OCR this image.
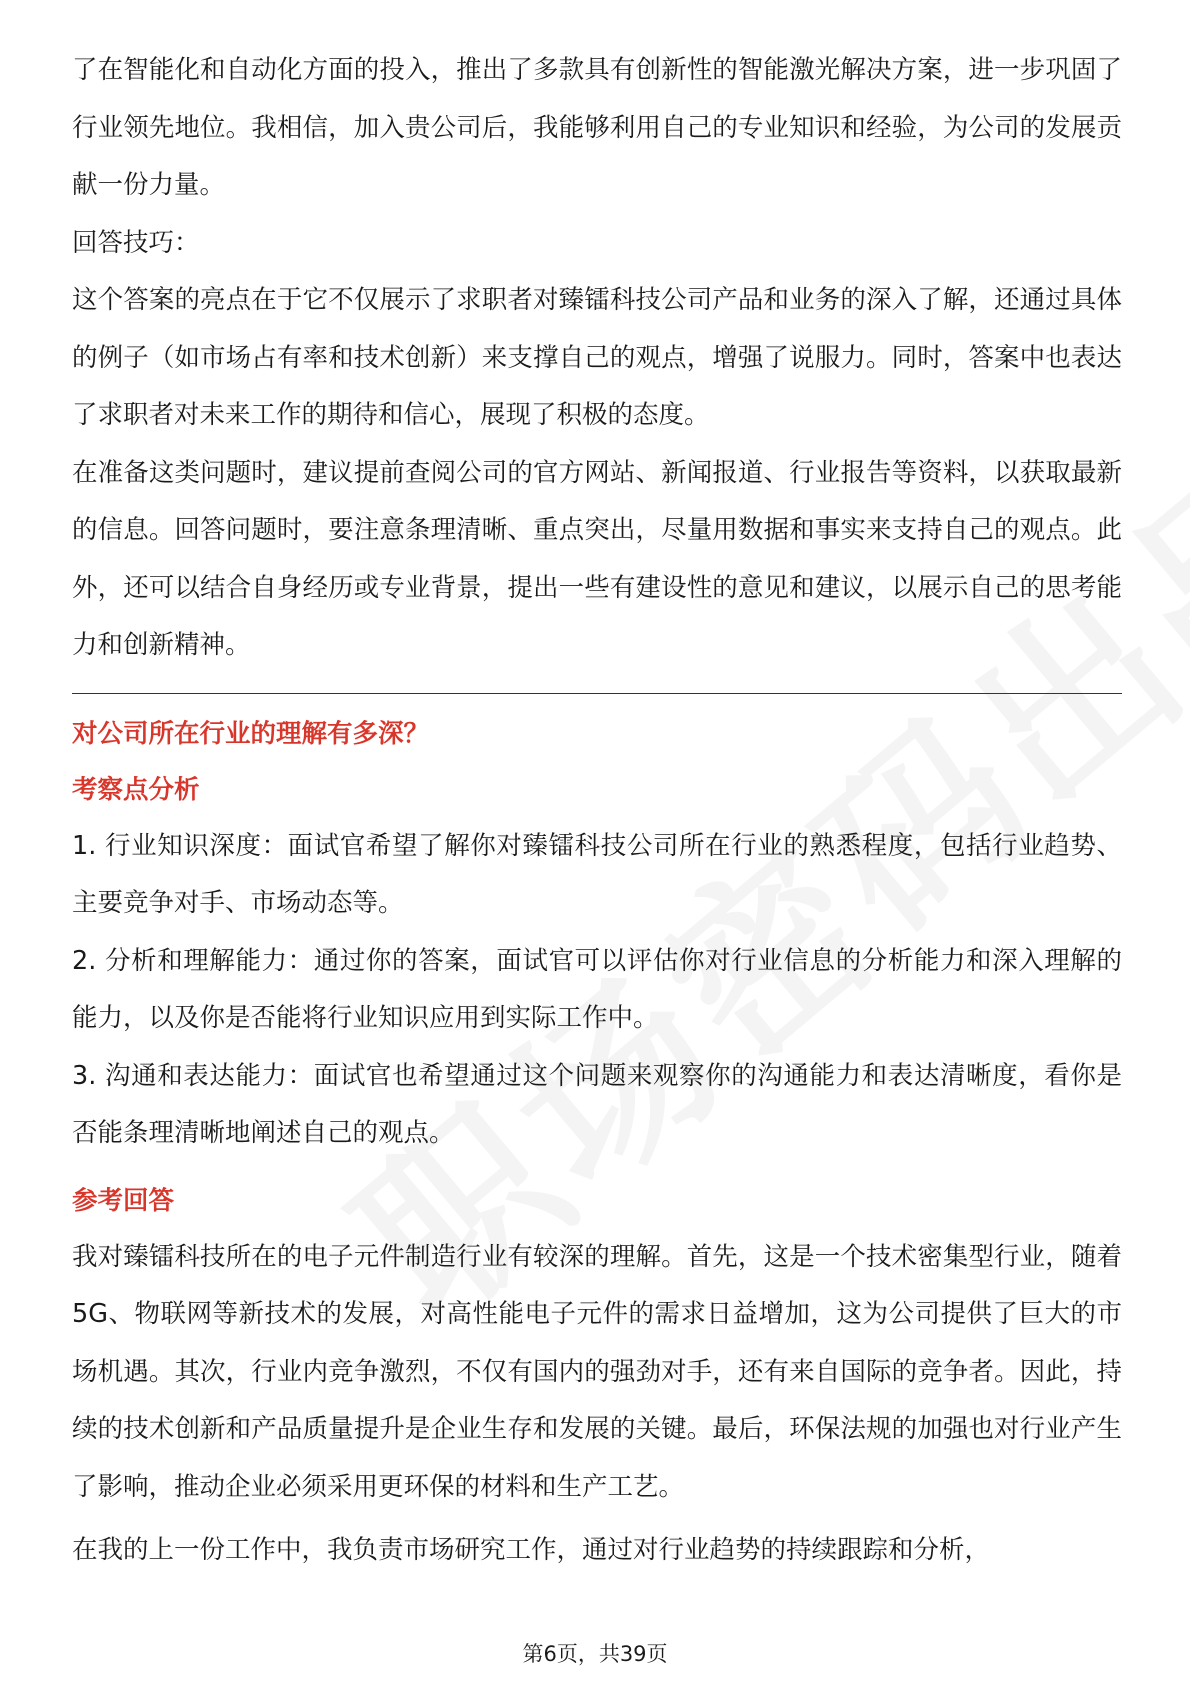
了在智能化和自动化方面的投入，推出了多款具有创新性的智能激光解决方案，进一步巩固了行业领先地位。我相信，加入贵公司后，我能够利用自己的专业知识和经验，为公司的发展贡献一份力量。

回答技巧：

这个答案的亮点在于它不仅展示了求职者对臻镭科技公司产品和业务的深入了解，还通过具体的例子（如市场占有率和技术创新）来支撑自己的观点，增强了说服力。同时，答案中也表达了求职者对未来工作的期待和信心，展现了积极的态度。

在准备这类问题时，建议提前查阅公司的官方网站、新闻报道、行业报告等资料，以获取最新的信息。回答问题时，要注意条理清晰、重点突出，尽量用数据和事实来支持自己的观点。此外，还可以结合自身经历或专业背景，提出一些有建设性的意见和建议，以展示自己的思考能力和创新精神。

对公司所在行业的理解有多深？

考察点分析

1. 行业知识深度：面试官希望了解你对臻镭科技公司所在行业的熟悉程度，包括行业趋势、主要竞争对手、市场动态等。

2. 分析和理解能力：通过你的答案，面试官可以评估你对行业信息的分析能力和深入理解的能力，以及你是否能将行业知识应用到实际工作中。

3. 沟通和表达能力：面试官也希望通过这个问题来观察你的沟通能力和表达清晰度，看你是否能条理清晰地阐述自己的观点。

参考回答

我对臻镭科技所在的电子元件制造行业有较深的理解。首先，这是一个技术密集型行业，随着5G、物联网等新技术的发展，对高性能电子元件的需求日益增加，这为公司提供了巨大的市场机遇。其次，行业内竞争激烈，不仅有国内的强劲对手，还有来自国际的竞争者。因此，持续的技术创新和产品质量提升是企业生存和发展的关键。最后，环保法规的加强也对行业产生了影响，推动企业必须采用更环保的材料和生产工艺。

在我的上一份工作中，我负责市场研究工作，通过对行业趋势的持续跟踪和分析，

第6页，共39页
